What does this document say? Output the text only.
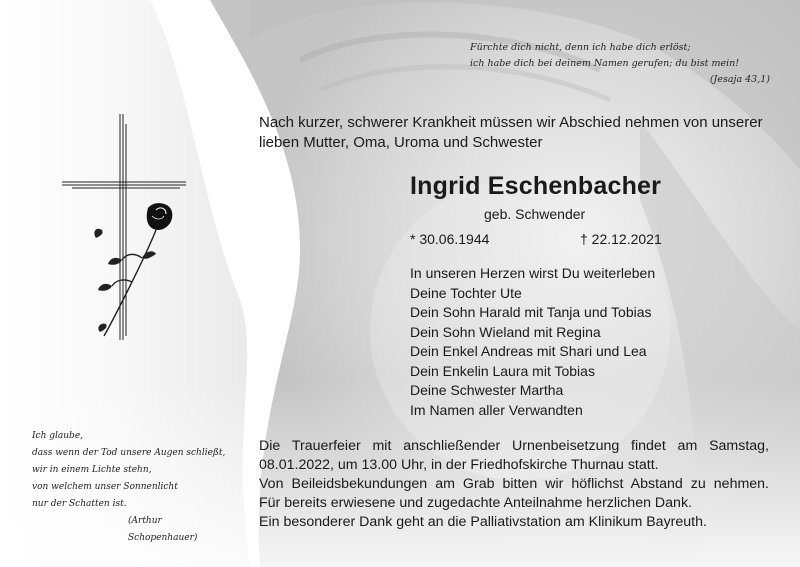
Fürchte dich nicht, denn ich habe dich erlöst;
ich habe dich bei deinem Namen gerufen; du bist mein!
(Jesaja 43,1)
Nach kurzer, schwerer Krankheit müssen wir Abschied nehmen von unserer lieben Mutter, Oma, Uroma und Schwester
Ingrid Eschenbacher
geb. Schwender
* 30.06.1944	† 22.12.2021
In unseren Herzen wirst Du weiterleben
Deine Tochter Ute
Dein Sohn Harald mit Tanja und Tobias
Dein Sohn Wieland mit Regina
Dein Enkel Andreas mit Shari und Lea
Dein Enkelin Laura mit Tobias
Deine Schwester Martha
Im Namen aller Verwandten
Ich glaube,
dass wenn der Tod unsere Augen schließt,
wir in einem Lichte stehn,
von welchem unser Sonnenlicht
nur der Schatten ist.
(Arthur Schopenhauer)
Die Trauerfeier mit anschließender Urnenbeisetzung findet am Samstag,
08.01.2022, um 13.00 Uhr, in der Friedhofskirche Thurnau statt.
Von Beileidsbekundungen am Grab bitten wir höflichst Abstand zu nehmen.
Für bereits erwiesene und zugedachte Anteilnahme herzlichen Dank.
Ein besonderer Dank geht an die Palliativstation am Klinikum Bayreuth.
